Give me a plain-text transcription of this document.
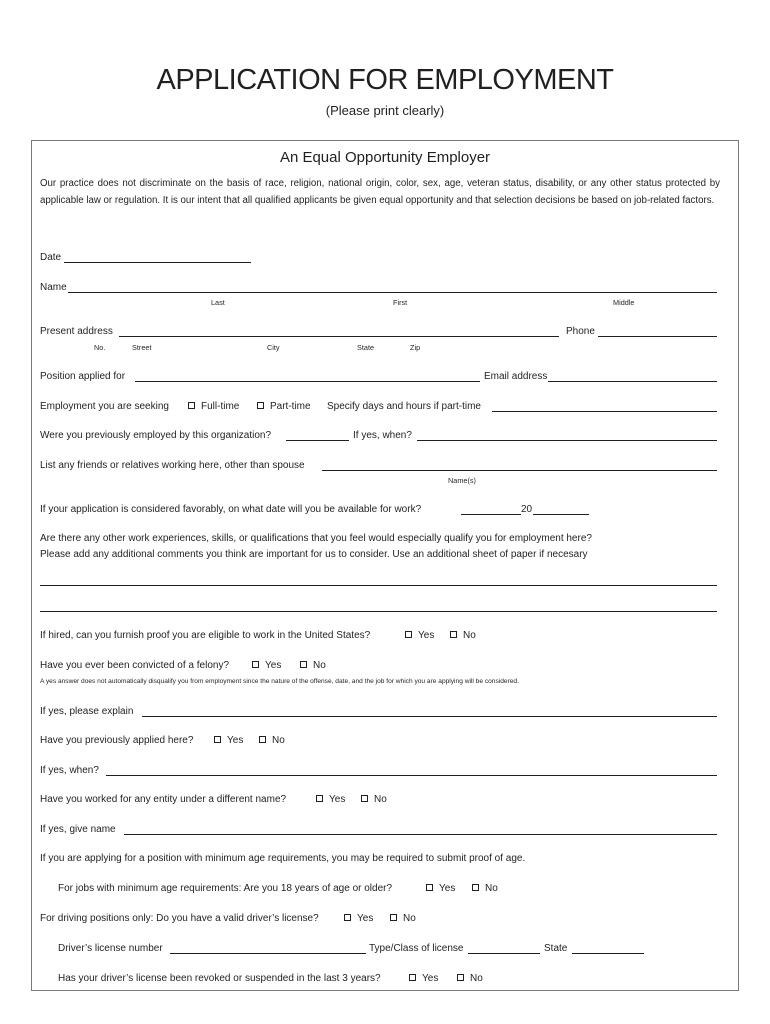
APPLICATION FOR EMPLOYMENT
(Please print clearly)
An Equal Opportunity Employer
Our practice does not discriminate on the basis of race, religion, national origin, color, sex, age, veteran status, disability, or any other status protected by applicable law or regulation. It is our intent that all qualified applicants be given equal opportunity and that selection decisions be based on job-related factors.
Date
Name
Last	First	Middle
Present address	Phone
No.	Street	City	State	Zip
Position applied for	Email address
Employment you are seeking	Full-time	Part-time Specify days and hours if part-time
Were you previously employed by this organization?	If yes, when?
List any friends or relatives working here, other than spouse
Name(s)
If your application is considered favorably, on what date will you be available for work?	20
Are there any other work experiences, skills, or qualifications that you feel would especially qualify you for employment here?
Please add any additional comments you think are important for us to consider. Use an additional sheet of paper if necesary
If hired, can you furnish proof you are eligible to work in the United States?	Yes	No
Have you ever been convicted of a felony?	Yes	No
A yes answer does not automatically disqualify you from employment since the nature of the offense, date, and the job for which you are applying will be considered.
If yes, please explain
Have you previously applied here?	Yes	No
If yes, when?
Have you worked for any entity under a different name?	Yes	No
If yes, give name
If you are applying for a position with minimum age requirements, you may be required to submit proof of age.
For jobs with minimum age requirements: Are you 18 years of age or older?	Yes	No
For driving positions only: Do you have a valid driver’s license?	Yes	No
Driver’s license number	Type/Class of license	State
Has your driver’s license been revoked or suspended in the last 3 years?	Yes	No
